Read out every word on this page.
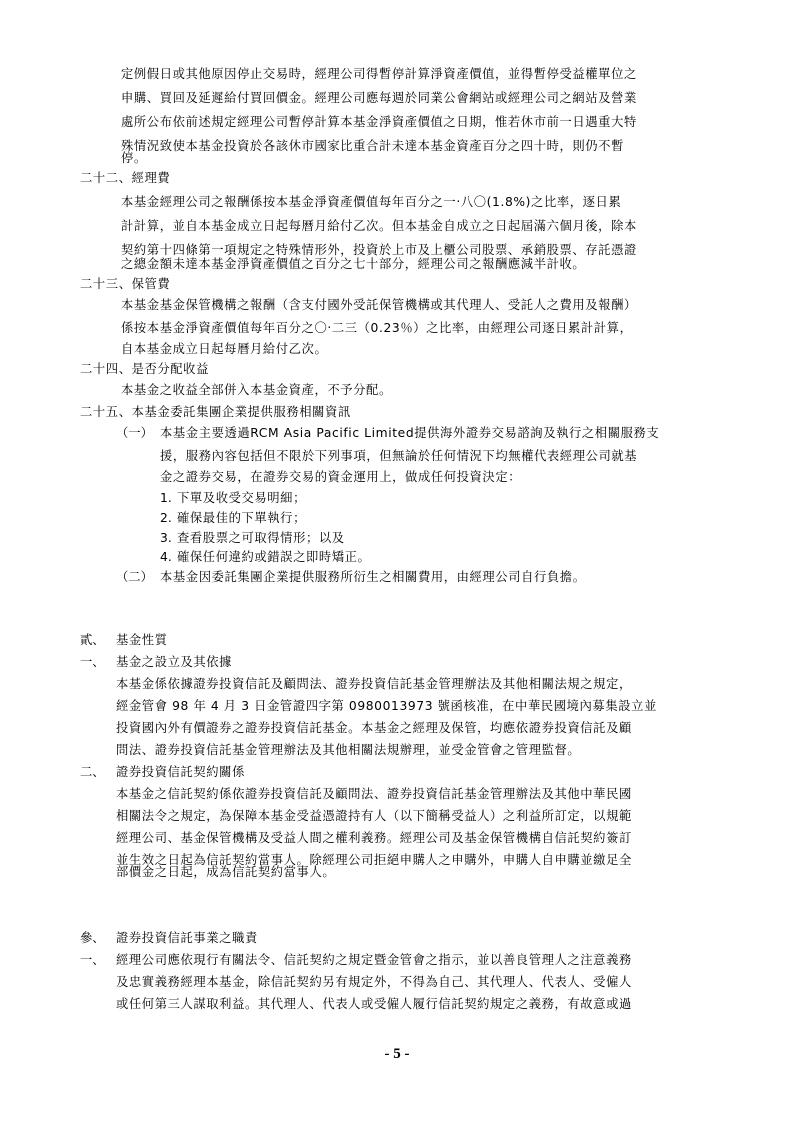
定例假日或其他原因停止交易時，經理公司得暫停計算淨資產價值，並得暫停受益權單位之
申購、買回及延遲給付買回價金。經理公司應每週於同業公會網站或經理公司之網站及營業
處所公布依前述規定經理公司暫停計算本基金淨資產價值之日期，惟若休市前一日遇重大特
殊情況致使本基金投資於各該休市國家比重合計未達本基金資產百分之四十時，則仍不暫
停。
二十二、經理費
本基金經理公司之報酬係按本基金淨資產價值每年百分之一‧八〇(1.8%)之比率，逐日累
計計算，並自本基金成立日起每曆月給付乙次。但本基金自成立之日起屆滿六個月後，除本
契約第十四條第一項規定之特殊情形外，投資於上市及上櫃公司股票、承銷股票、存託憑證
之總金額未達本基金淨資產價值之百分之七十部分，經理公司之報酬應減半計收。
二十三、保管費
本基金基金保管機構之報酬（含支付國外受託保管機構或其代理人、受託人之費用及報酬）
係按本基金淨資產價值每年百分之〇‧二三（0.23％）之比率，由經理公司逐日累計計算，
自本基金成立日起每曆月給付乙次。
二十四、是否分配收益
本基金之收益全部併入本基金資產，不予分配。
二十五、本基金委託集團企業提供服務相關資訊
（一） 本基金主要透過RCM Asia Pacific Limited提供海外證券交易諮詢及執行之相關服務支
援，服務內容包括但不限於下列事項，但無論於任何情況下均無權代表經理公司就基
金之證券交易，在證券交易的資金運用上，做成任何投資決定：
1. 下單及收受交易明細；
2. 確保最佳的下單執行；
3. 查看股票之可取得情形；以及
4. 確保任何違約或錯誤之即時矯正。
（二） 本基金因委託集團企業提供服務所衍生之相關費用，由經理公司自行負擔。
貳、 基金性質
一、 基金之設立及其依據
本基金係依據證券投資信託及顧問法、證券投資信託基金管理辦法及其他相關法規之規定，
經金管會 98 年 4 月 3 日金管證四字第 0980013973 號函核准，在中華民國境內募集設立並
投資國內外有價證券之證券投資信託基金。本基金之經理及保管，均應依證券投資信託及顧
問法、證券投資信託基金管理辦法及其他相關法規辦理，並受金管會之管理監督。
二、 證券投資信託契約關係
本基金之信託契約係依證券投資信託及顧問法、證券投資信託基金管理辦法及其他中華民國
相關法令之規定，為保障本基金受益憑證持有人（以下簡稱受益人）之利益所訂定，以規範
經理公司、基金保管機構及受益人間之權利義務。經理公司及基金保管機構自信託契約簽訂
並生效之日起為信託契約當事人。除經理公司拒絕申購人之申購外，申購人自申購並繳足全
部價金之日起，成為信託契約當事人。
參、 證券投資信託事業之職責
一、 經理公司應依現行有關法令、信託契約之規定暨金管會之指示，並以善良管理人之注意義務
及忠實義務經理本基金，除信託契約另有規定外，不得為自己、其代理人、代表人、受僱人
或任何第三人謀取利益。其代理人、代表人或受僱人履行信託契約規定之義務，有故意或過
- 5 -
